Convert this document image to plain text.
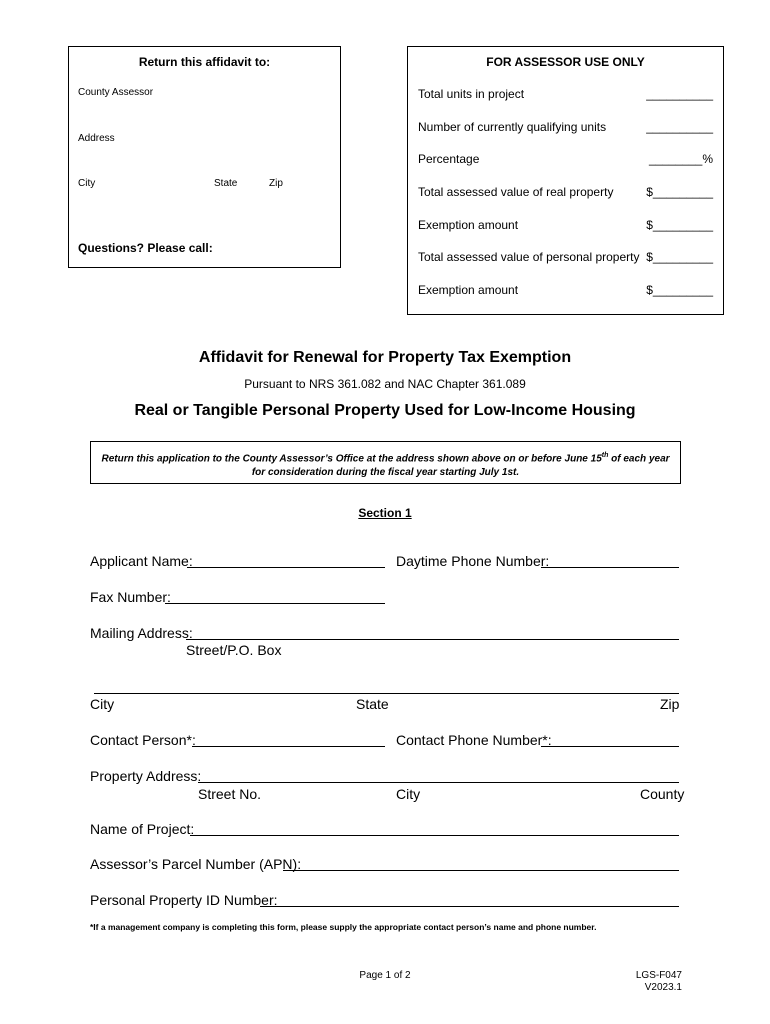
Return this affidavit to:
County Assessor
Address
City	State	Zip
Questions? Please call:
FOR ASSESSOR USE ONLY
Total units in project	__________
Number of currently qualifying units	__________
Percentage	________%
Total assessed value of real property	$_________
Exemption amount	$_________
Total assessed value of personal property $_________
Exemption amount	$_________
Affidavit for Renewal for Property Tax Exemption
Pursuant to NRS 361.082 and NAC Chapter 361.089
Real or Tangible Personal Property Used for Low-Income Housing
Return this application to the County Assessor’s Office at the address shown above on or before June 15th of each year for consideration during the fiscal year starting July 1st.
Section 1
Applicant Name:	Daytime Phone Number:
Fax Number:
Mailing Address:
Street/P.O. Box
City	State	Zip
Contact Person*:	Contact Phone Number*:
Property Address:
Street No.	City	County
Name of Project:
Assessor’s Parcel Number (APN):
Personal Property ID Number:
*If a management company is completing this form, please supply the appropriate contact person’s name and phone number.
Page 1 of 2	LGS-F047
V2023.1
